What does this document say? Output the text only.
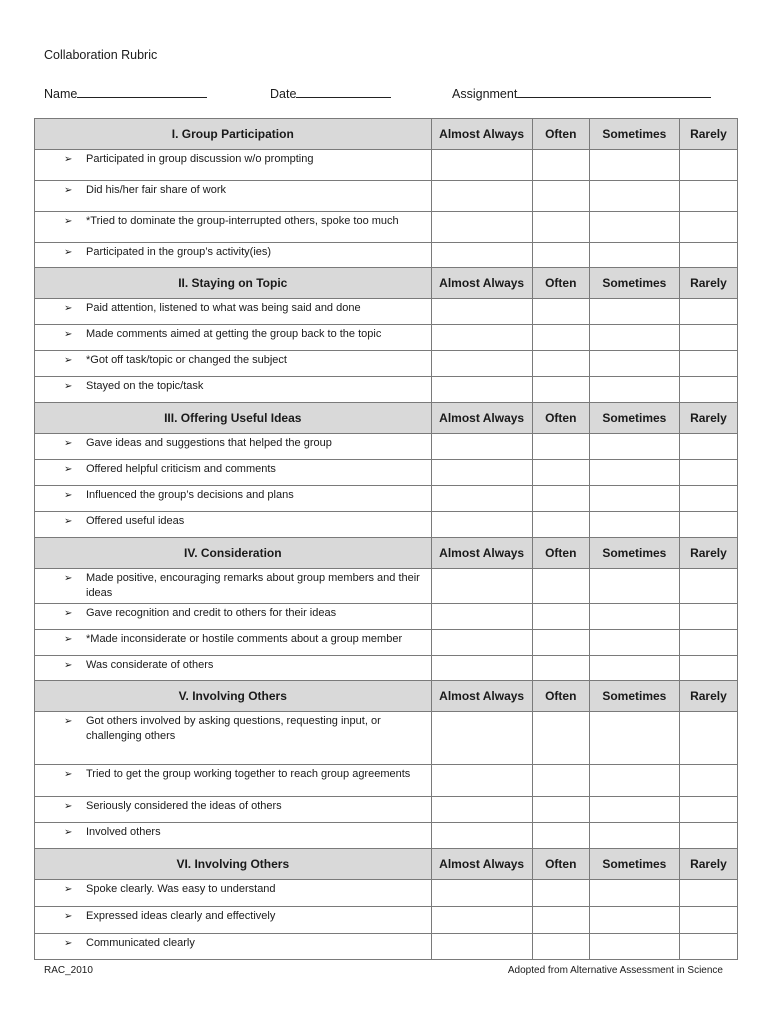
Collaboration Rubric
Name	Date	Assignment
I. Group Participation	Almost Always	Often	Sometimes	Rarely

➢ Participated in group discussion w/o prompting				

➢ Did his/her fair share of work				

➢ *Tried to dominate the group-interrupted others, spoke too much				

➢ Participated in the group’s activity(ies)				

II. Staying on Topic	Almost Always	Often	Sometimes	Rarely

➢ Paid attention, listened to what was being said and done				

➢ Made comments aimed at getting the group back to the topic				

➢ *Got off task/topic or changed the subject				

➢ Stayed on the topic/task				

III. Offering Useful Ideas	Almost Always	Often	Sometimes	Rarely

➢ Gave ideas and suggestions that helped the group				

➢ Offered helpful criticism and comments				

➢ Influenced the group’s decisions and plans				

➢ Offered useful ideas				

IV. Consideration	Almost Always	Often	Sometimes	Rarely

➢ Made positive, encouraging remarks about group members and their ideas				

➢ Gave recognition and credit to others for their ideas				

➢ *Made inconsiderate or hostile comments about a group member				

➢ Was considerate of others				

V. Involving Others	Almost Always	Often	Sometimes	Rarely

➢ Got others involved by asking questions, requesting input, or challenging others				

➢ Tried to get the group working together to reach group agreements				

➢ Seriously considered the ideas of others				

➢ Involved others				

VI. Involving Others	Almost Always	Often	Sometimes	Rarely

➢ Spoke clearly. Was easy to understand				

➢ Expressed ideas clearly and effectively				

➢ Communicated clearly				

RAC_2010	Adopted from Alternative Assessment in Science
